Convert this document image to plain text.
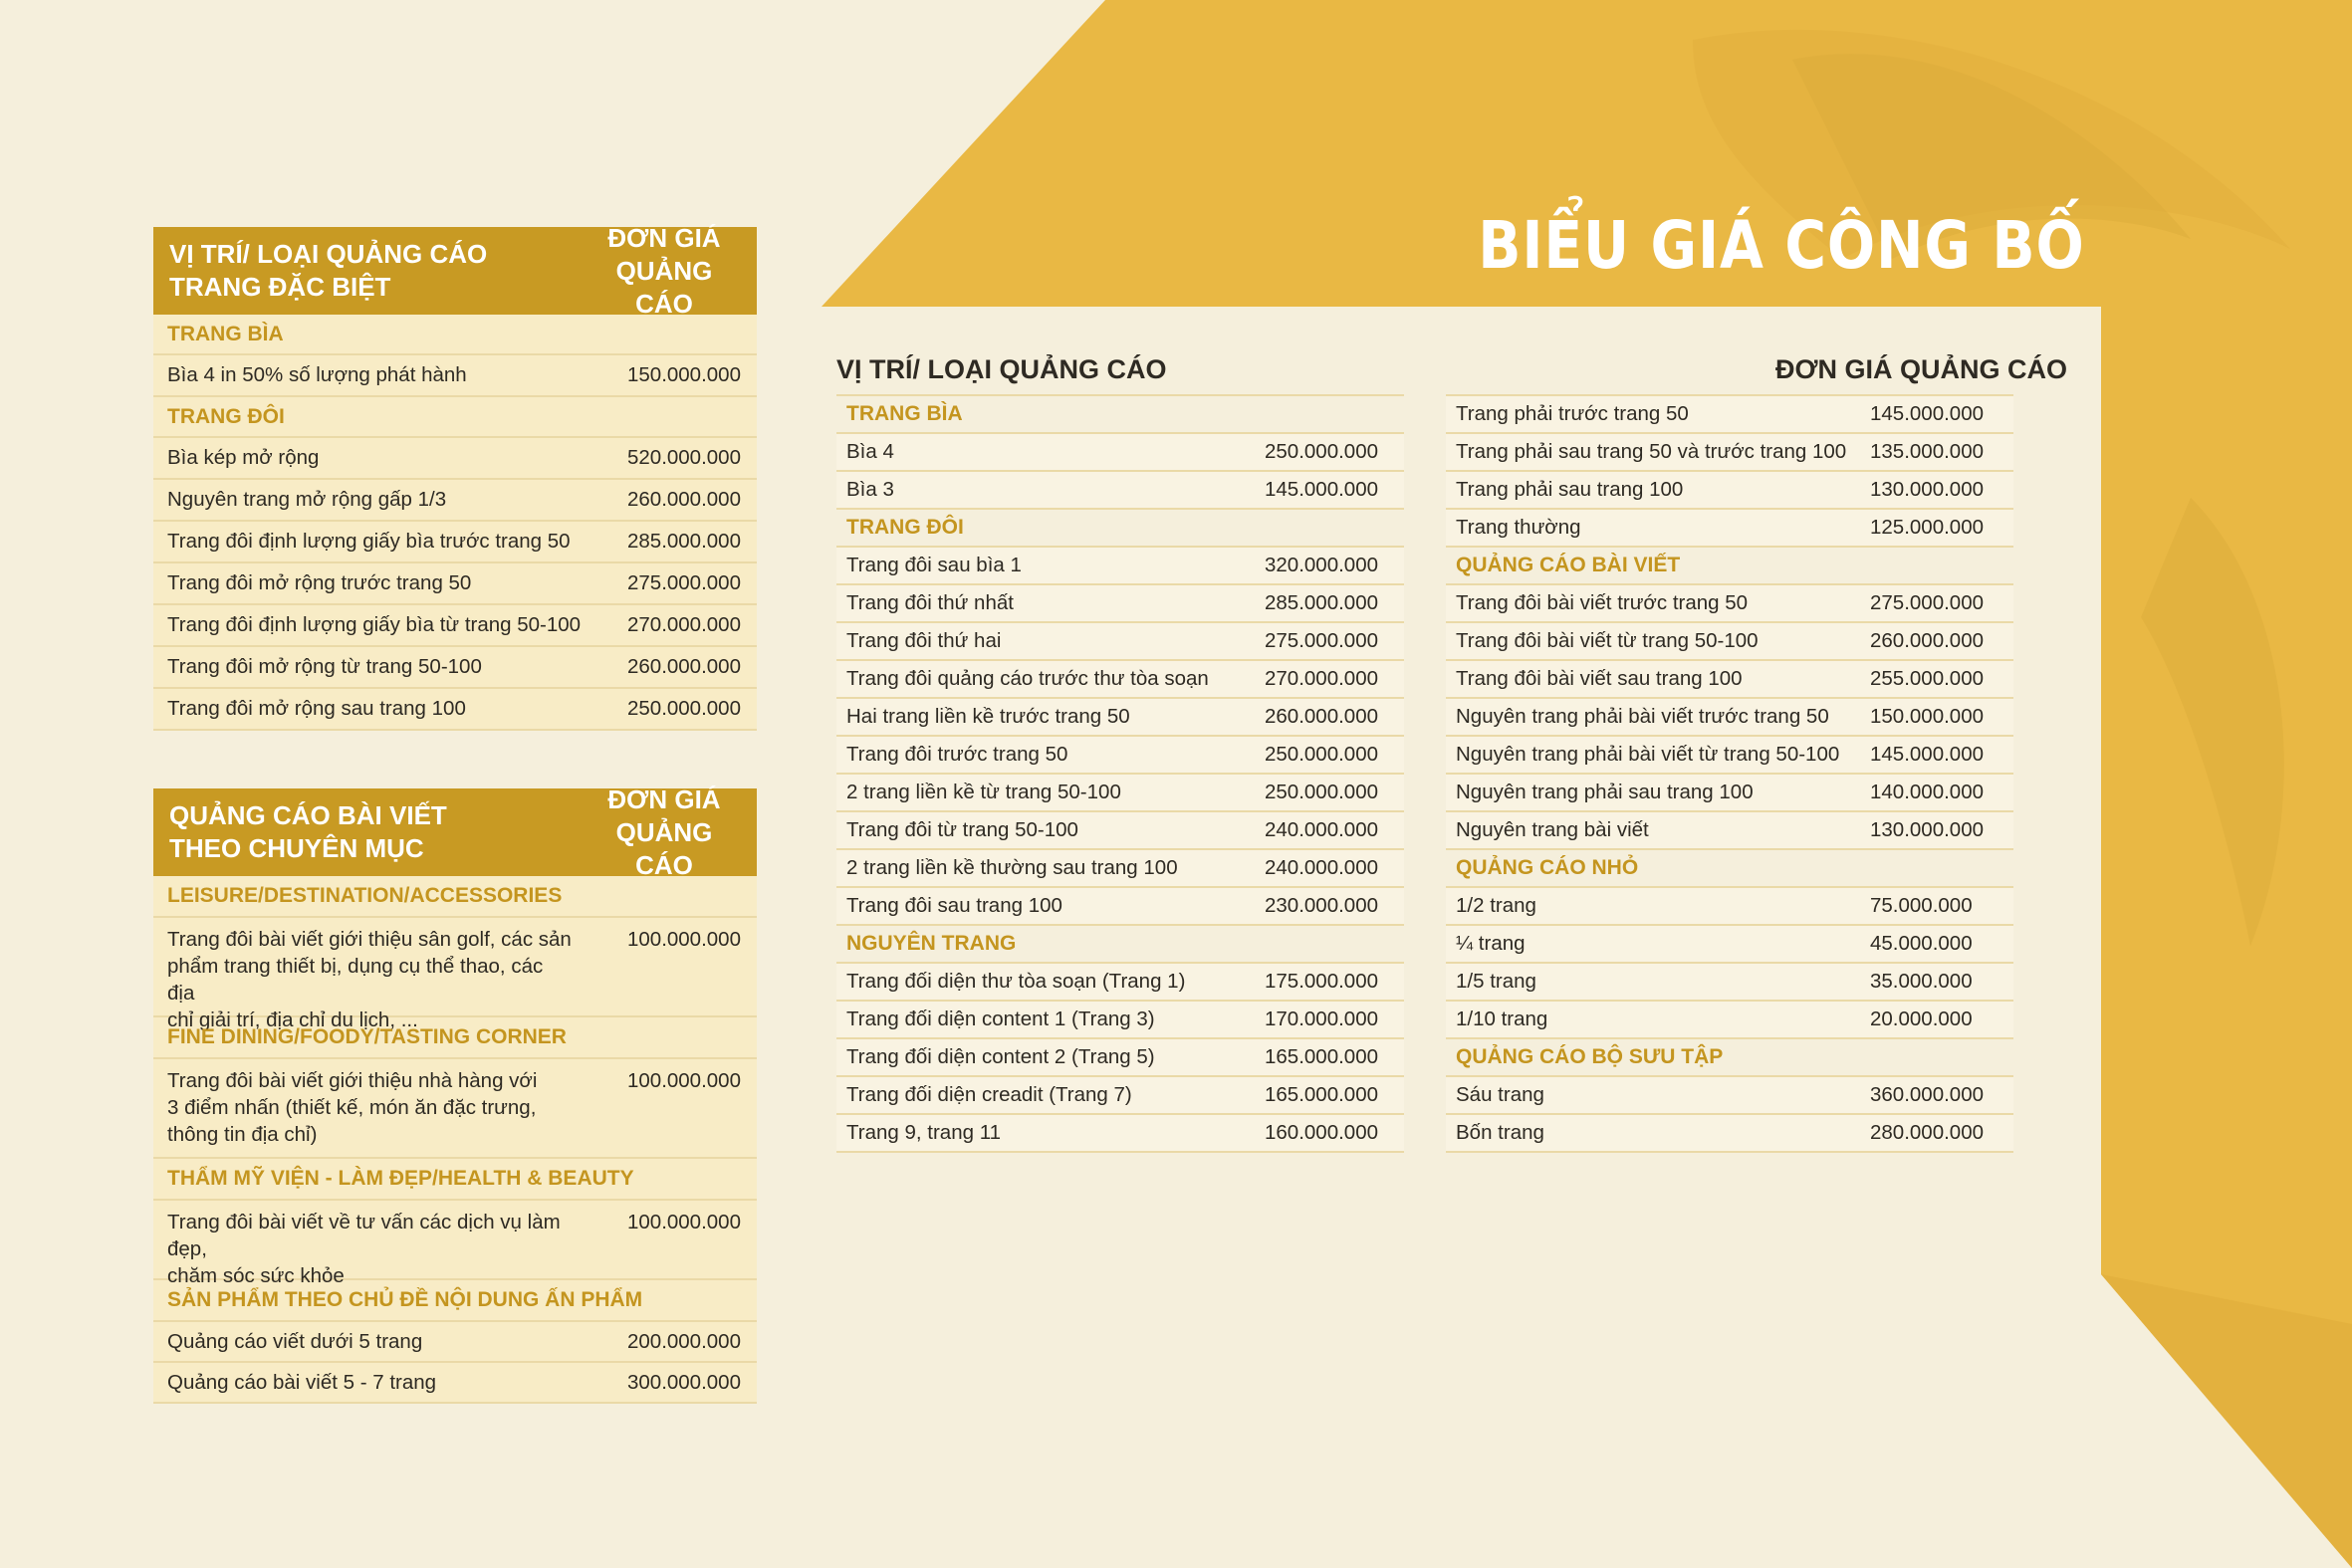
BIỂU GIÁ CÔNG BỐ
VỊ TRÍ/ LOẠI QUẢNG CÁO
TRANG ĐẶC BIỆT
ĐƠN GIÁ
QUẢNG CÁO
TRANG BÌA
Bìa 4 in 50% số lượng phát hành	150.000.000
TRANG ĐÔI
Bìa kép mở rộng	520.000.000
Nguyên trang mở rộng gấp 1/3	260.000.000
Trang đôi định lượng giấy bìa trước trang 50	285.000.000
Trang đôi mở rộng trước trang 50	275.000.000
Trang đôi định lượng giấy bìa từ trang 50-100	270.000.000
Trang đôi mở rộng từ trang 50-100	260.000.000
Trang đôi mở rộng sau trang 100	250.000.000
QUẢNG CÁO BÀI VIẾT
THEO CHUYÊN MỤC
ĐƠN GIÁ
QUẢNG CÁO
LEISURE/DESTINATION/ACCESSORIES
Trang đôi bài viết giới thiệu sân golf, các sản
phẩm trang thiết bị, dụng cụ thể thao, các địa
chỉ giải trí, địa chỉ du lịch, ...
100.000.000
FINE DINING/FOODY/TASTING CORNER
Trang đôi bài viết giới thiệu nhà hàng với
3 điểm nhấn (thiết kế, món ăn đặc trưng,
thông tin địa chỉ)
100.000.000
THẨM MỸ VIỆN - LÀM ĐẸP/HEALTH & BEAUTY
Trang đôi bài viết về tư vấn các dịch vụ làm đẹp,
chăm sóc sức khỏe
100.000.000
SẢN PHẨM THEO CHỦ ĐỀ NỘI DUNG ẤN PHẨM
Quảng cáo viết dưới 5 trang	200.000.000
Quảng cáo bài viết 5 - 7 trang	300.000.000
VỊ TRÍ/ LOẠI QUẢNG CÁO	ĐƠN GIÁ QUẢNG CÁO
TRANG BÌA
Bìa 4	250.000.000
Bìa 3	145.000.000
TRANG ĐÔI
Trang đôi sau bìa 1	320.000.000
Trang đôi thứ nhất	285.000.000
Trang đôi thứ hai	275.000.000
Trang đôi quảng cáo trước thư tòa soạn	270.000.000
Hai trang liền kề trước trang 50	260.000.000
Trang đôi trước trang 50	250.000.000
2 trang liền kề từ trang 50-100	250.000.000
Trang đôi từ trang 50-100	240.000.000
2 trang liền kề thường sau trang 100	240.000.000
Trang đôi sau trang 100	230.000.000
NGUYÊN TRANG
Trang đối diện thư tòa soạn (Trang 1)	175.000.000
Trang đối diện content 1 (Trang 3)	170.000.000
Trang đối diện content 2 (Trang 5)	165.000.000
Trang đối diện creadit (Trang 7)	165.000.000
Trang 9, trang 11	160.000.000
Trang phải trước trang 50	145.000.000
Trang phải sau trang 50 và trước trang 100 135.000.000
Trang phải sau trang 100	130.000.000
Trang thường	125.000.000
QUẢNG CÁO BÀI VIẾT
Trang đôi bài viết trước trang 50	275.000.000
Trang đôi bài viết từ trang 50-100	260.000.000
Trang đôi bài viết sau trang 100	255.000.000
Nguyên trang phải bài viết trước trang 50 150.000.000
Nguyên trang phải bài viết từ trang 50-100 145.000.000
Nguyên trang phải sau trang 100	140.000.000
Nguyên trang bài viết	130.000.000
QUẢNG CÁO NHỎ
1/2 trang	75.000.000
¼ trang	45.000.000
1/5 trang	35.000.000
1/10 trang	20.000.000
QUẢNG CÁO BỘ SƯU TẬP
Sáu trang	360.000.000
Bốn trang	280.000.000
